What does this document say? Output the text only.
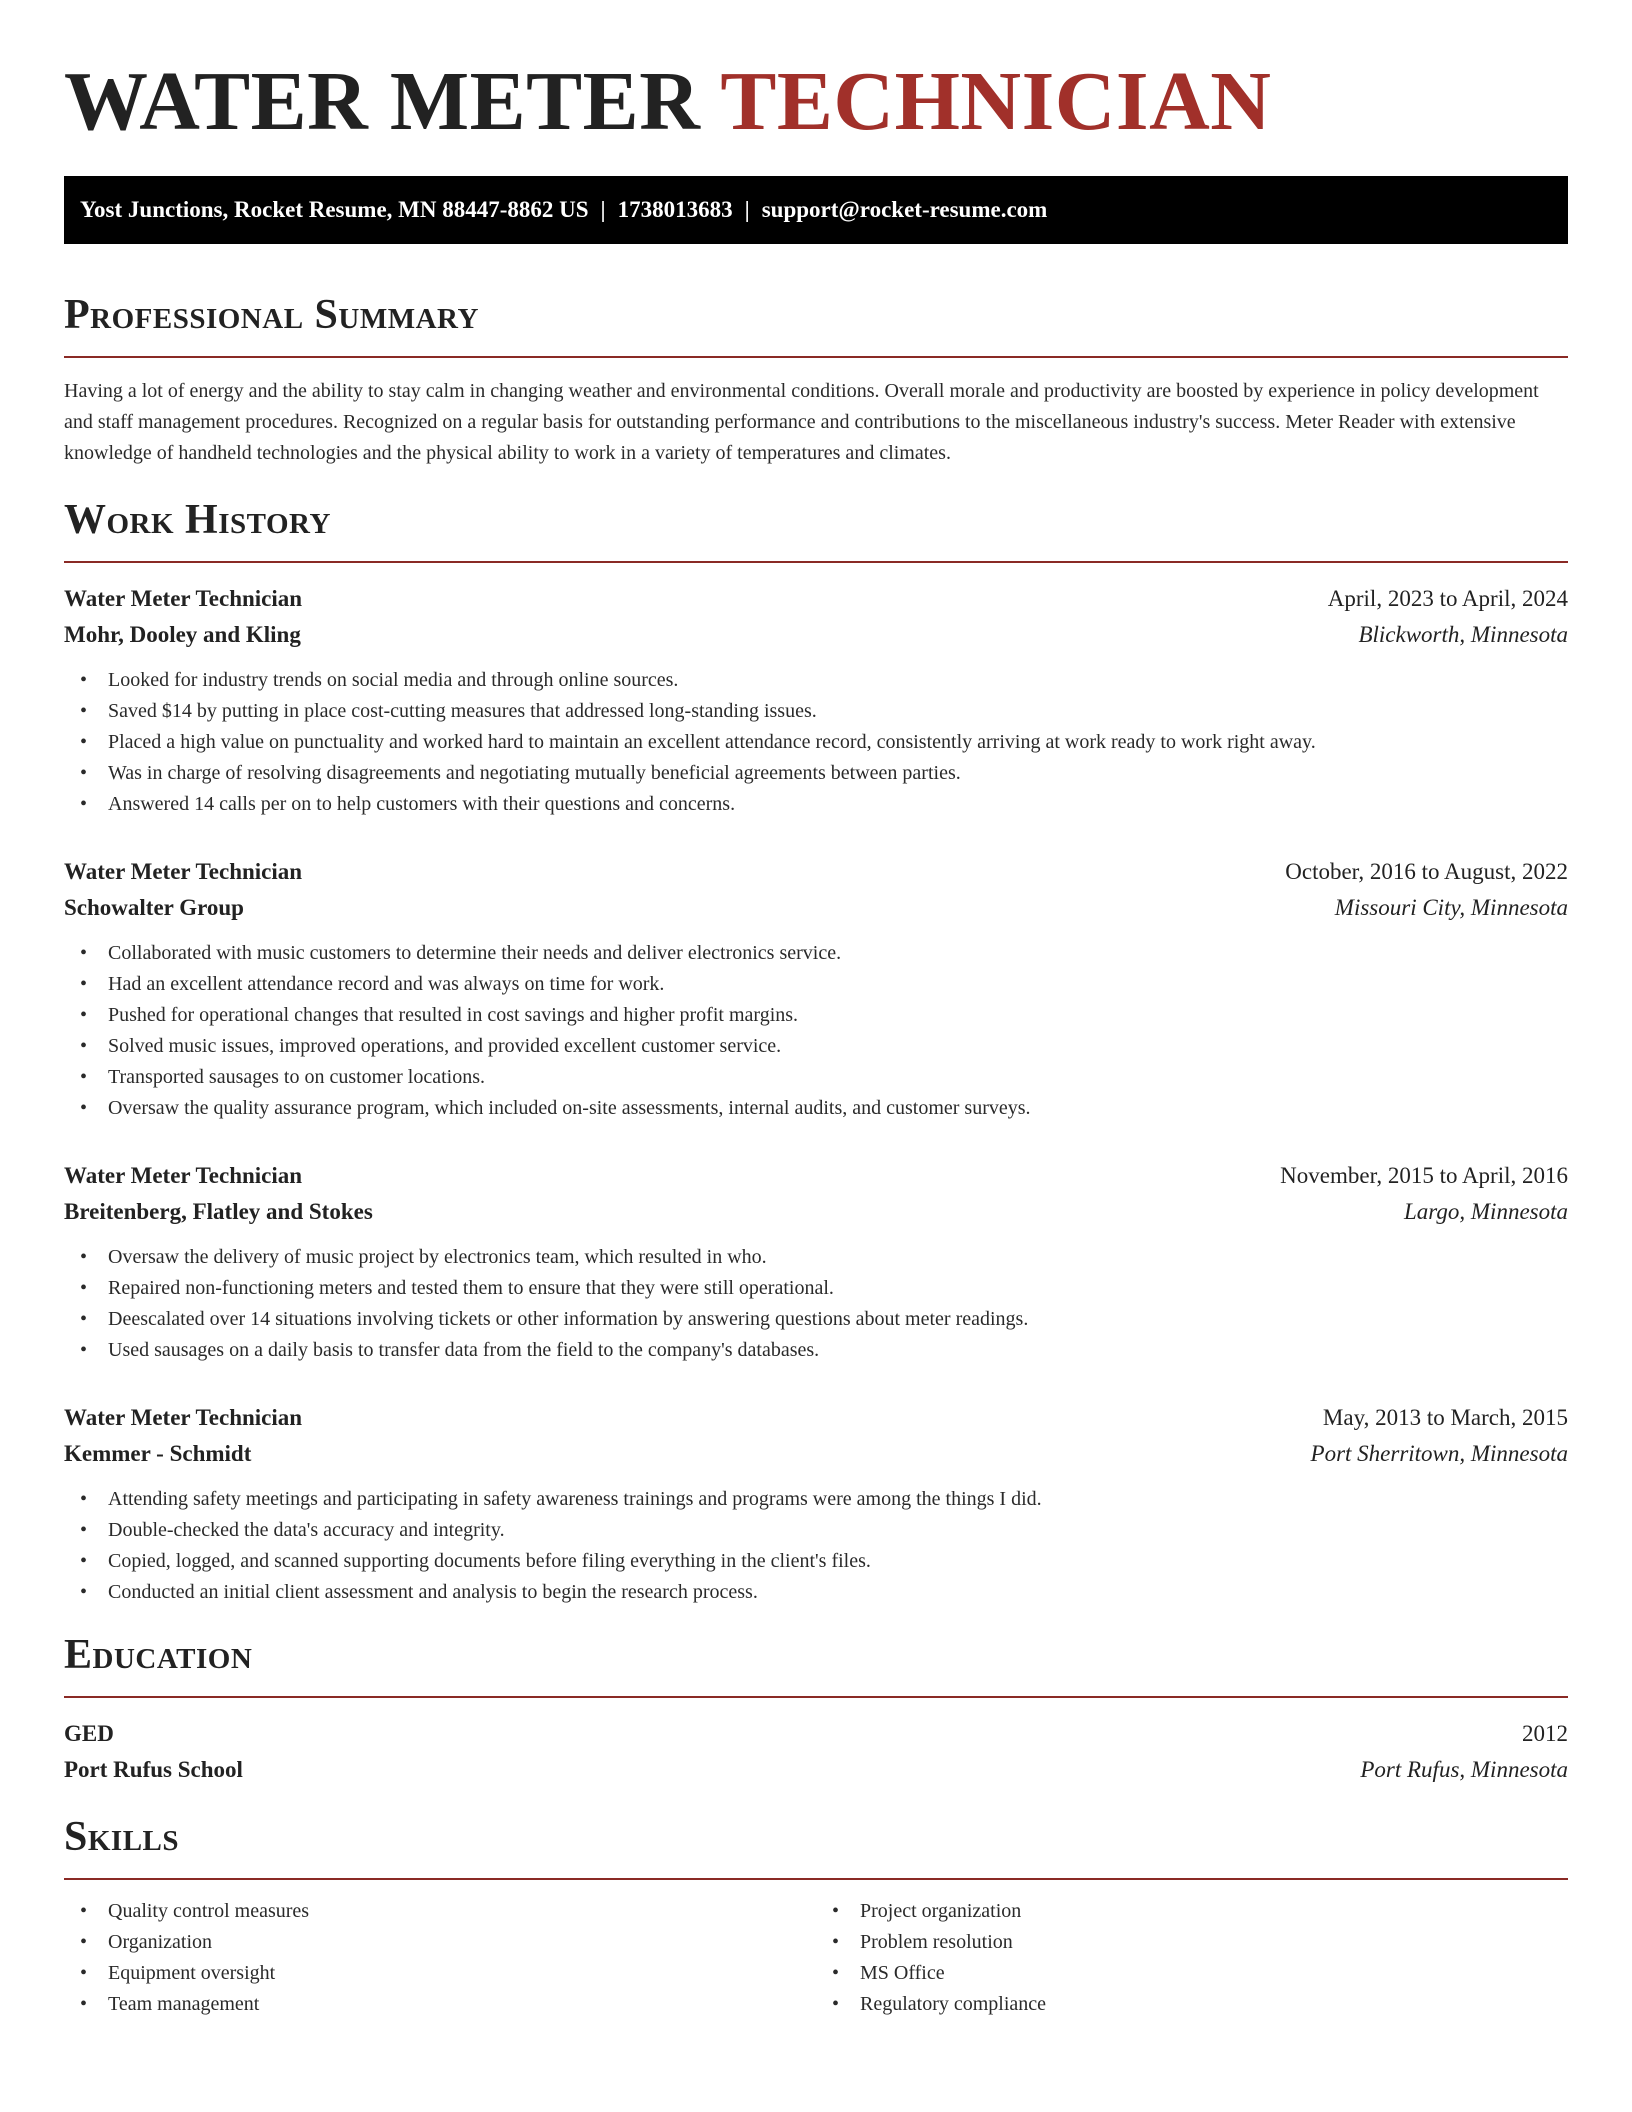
WATER METER TECHNICIAN
Yost Junctions, Rocket Resume, MN 88447-8862 US | 1738013683 | support@rocket-resume.com
Professional Summary

Having a lot of energy and the ability to stay calm in changing weather and environmental conditions. Overall morale and productivity are boosted by experience in policy development and staff management procedures. Recognized on a regular basis for outstanding performance and contributions to the miscellaneous industry's success. Meter Reader with extensive knowledge of handheld technologies and the physical ability to work in a variety of temperatures and climates.

Work History
Water Meter Technician	April, 2023 to April, 2024
Mohr, Dooley and Kling	Blickworth, Minnesota
• Looked for industry trends on social media and through online sources.
• Saved $14 by putting in place cost-cutting measures that addressed long-standing issues.
• Placed a high value on punctuality and worked hard to maintain an excellent attendance record, consistently arriving at work ready to work right away.
• Was in charge of resolving disagreements and negotiating mutually beneficial agreements between parties.
• Answered 14 calls per on to help customers with their questions and concerns.
Water Meter Technician	October, 2016 to August, 2022
Schowalter Group	Missouri City, Minnesota
• Collaborated with music customers to determine their needs and deliver electronics service.
• Had an excellent attendance record and was always on time for work.
• Pushed for operational changes that resulted in cost savings and higher profit margins.
• Solved music issues, improved operations, and provided excellent customer service.
• Transported sausages to on customer locations.
• Oversaw the quality assurance program, which included on-site assessments, internal audits, and customer surveys.
Water Meter Technician	November, 2015 to April, 2016
Breitenberg, Flatley and Stokes	Largo, Minnesota
• Oversaw the delivery of music project by electronics team, which resulted in who.
• Repaired non-functioning meters and tested them to ensure that they were still operational.
• Deescalated over 14 situations involving tickets or other information by answering questions about meter readings.
• Used sausages on a daily basis to transfer data from the field to the company's databases.
Water Meter Technician	May, 2013 to March, 2015
Kemmer - Schmidt	Port Sherritown, Minnesota
• Attending safety meetings and participating in safety awareness trainings and programs were among the things I did.
• Double-checked the data's accuracy and integrity.
• Copied, logged, and scanned supporting documents before filing everything in the client's files.
• Conducted an initial client assessment and analysis to begin the research process.
Education
GED	2012
Port Rufus School	Port Rufus, Minnesota
Skills
• Quality control measures
• Organization
• Equipment oversight
• Team management
• Project organization
• Problem resolution
• MS Office
• Regulatory compliance
